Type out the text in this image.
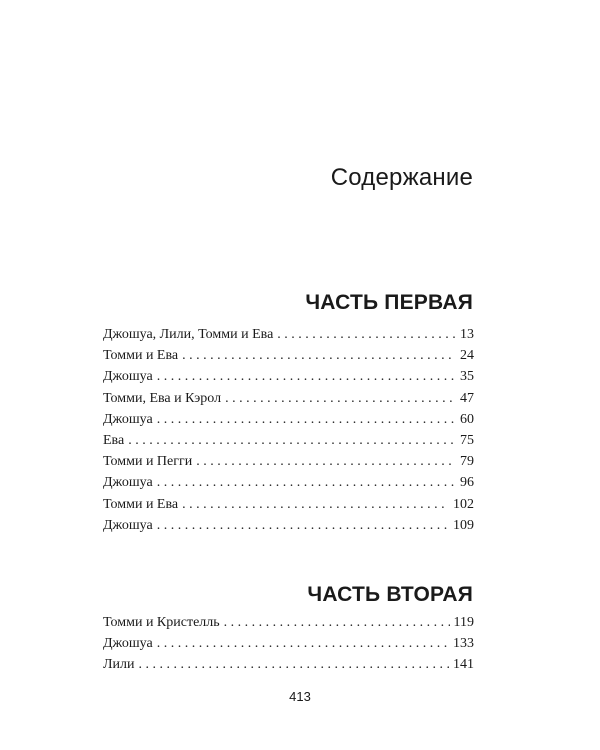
Содержание
ЧАСТЬ ПЕРВАЯ
Джошуа, Лили, Томми и Ева . . .	13
Томми и Ева . . .	24
Джошуа . . .	35
Томми, Ева и Кэрол . . .	47
Джошуа . . .	60
Ева . . .	75
Томми и Пегги . . .	79
Джошуа . . .	96
Томми и Ева . . .	102
Джошуа . . .	109
ЧАСТЬ ВТОРАЯ
Томми и Кристелль . . .	119
Джошуа . . .	133
Лили . . .	141
413
